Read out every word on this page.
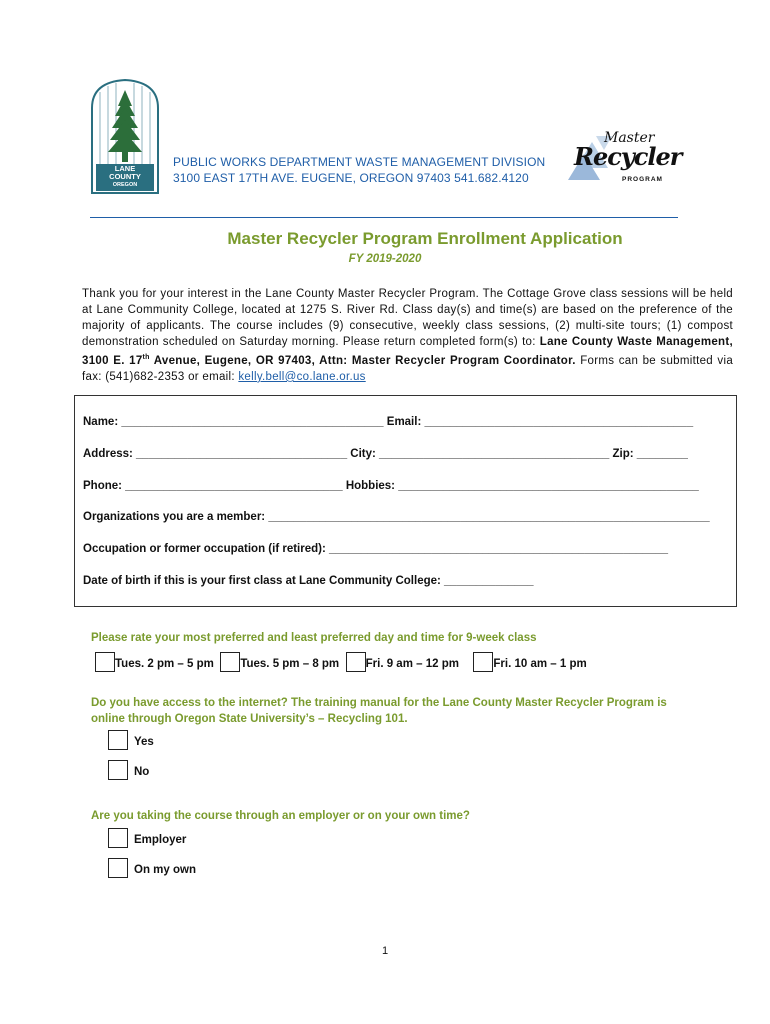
LANE
COUNTY
OREGON
PUBLIC WORKS DEPARTMENT WASTE MANAGEMENT DIVISION
3100 EAST 17TH AVE. EUGENE, OREGON 97403 541.682.4120
Master
Recycler
PROGRAM
Master Recycler Program Enrollment Application
FY 2019-2020
Thank you for your interest in the Lane County Master Recycler Program. The Cottage Grove class sessions will be held at Lane Community College, located at 1275 S. River Rd. Class day(s) and time(s) are based on the preference of the majority of applicants. The course includes (9) consecutive, weekly class sessions, (2) multi-site tours; (1) compost demonstration scheduled on Saturday morning. Please return completed form(s) to: Lane County Waste Management, 3100 E. 17th Avenue, Eugene, OR 97403, Attn: Master Recycler Program Coordinator. Forms can be submitted via fax: (541)682-2353 or email: kelly.bell@co.lane.or.us
Name: _________________________________________ Email: __________________________________________
Address: _________________________________ City: ____________________________________ Zip: ________
Phone: __________________________________ Hobbies: _______________________________________________
Organizations you are a member: _____________________________________________________________________
Occupation or former occupation (if retired): _____________________________________________________
Date of birth if this is your first class at Lane Community College: ______________
Please rate your most preferred and least preferred day and time for 9-week class
Tues. 2 pm – 5 pm Tues. 5 pm – 8 pm Fri. 9 am – 12 pm	Fri. 10 am – 1 pm
Do you have access to the internet? The training manual for the Lane County Master Recycler Program is
online through Oregon State University’s – Recycling 101.
Yes
No
Are you taking the course through an employer or on your own time?
Employer
On my own
1
